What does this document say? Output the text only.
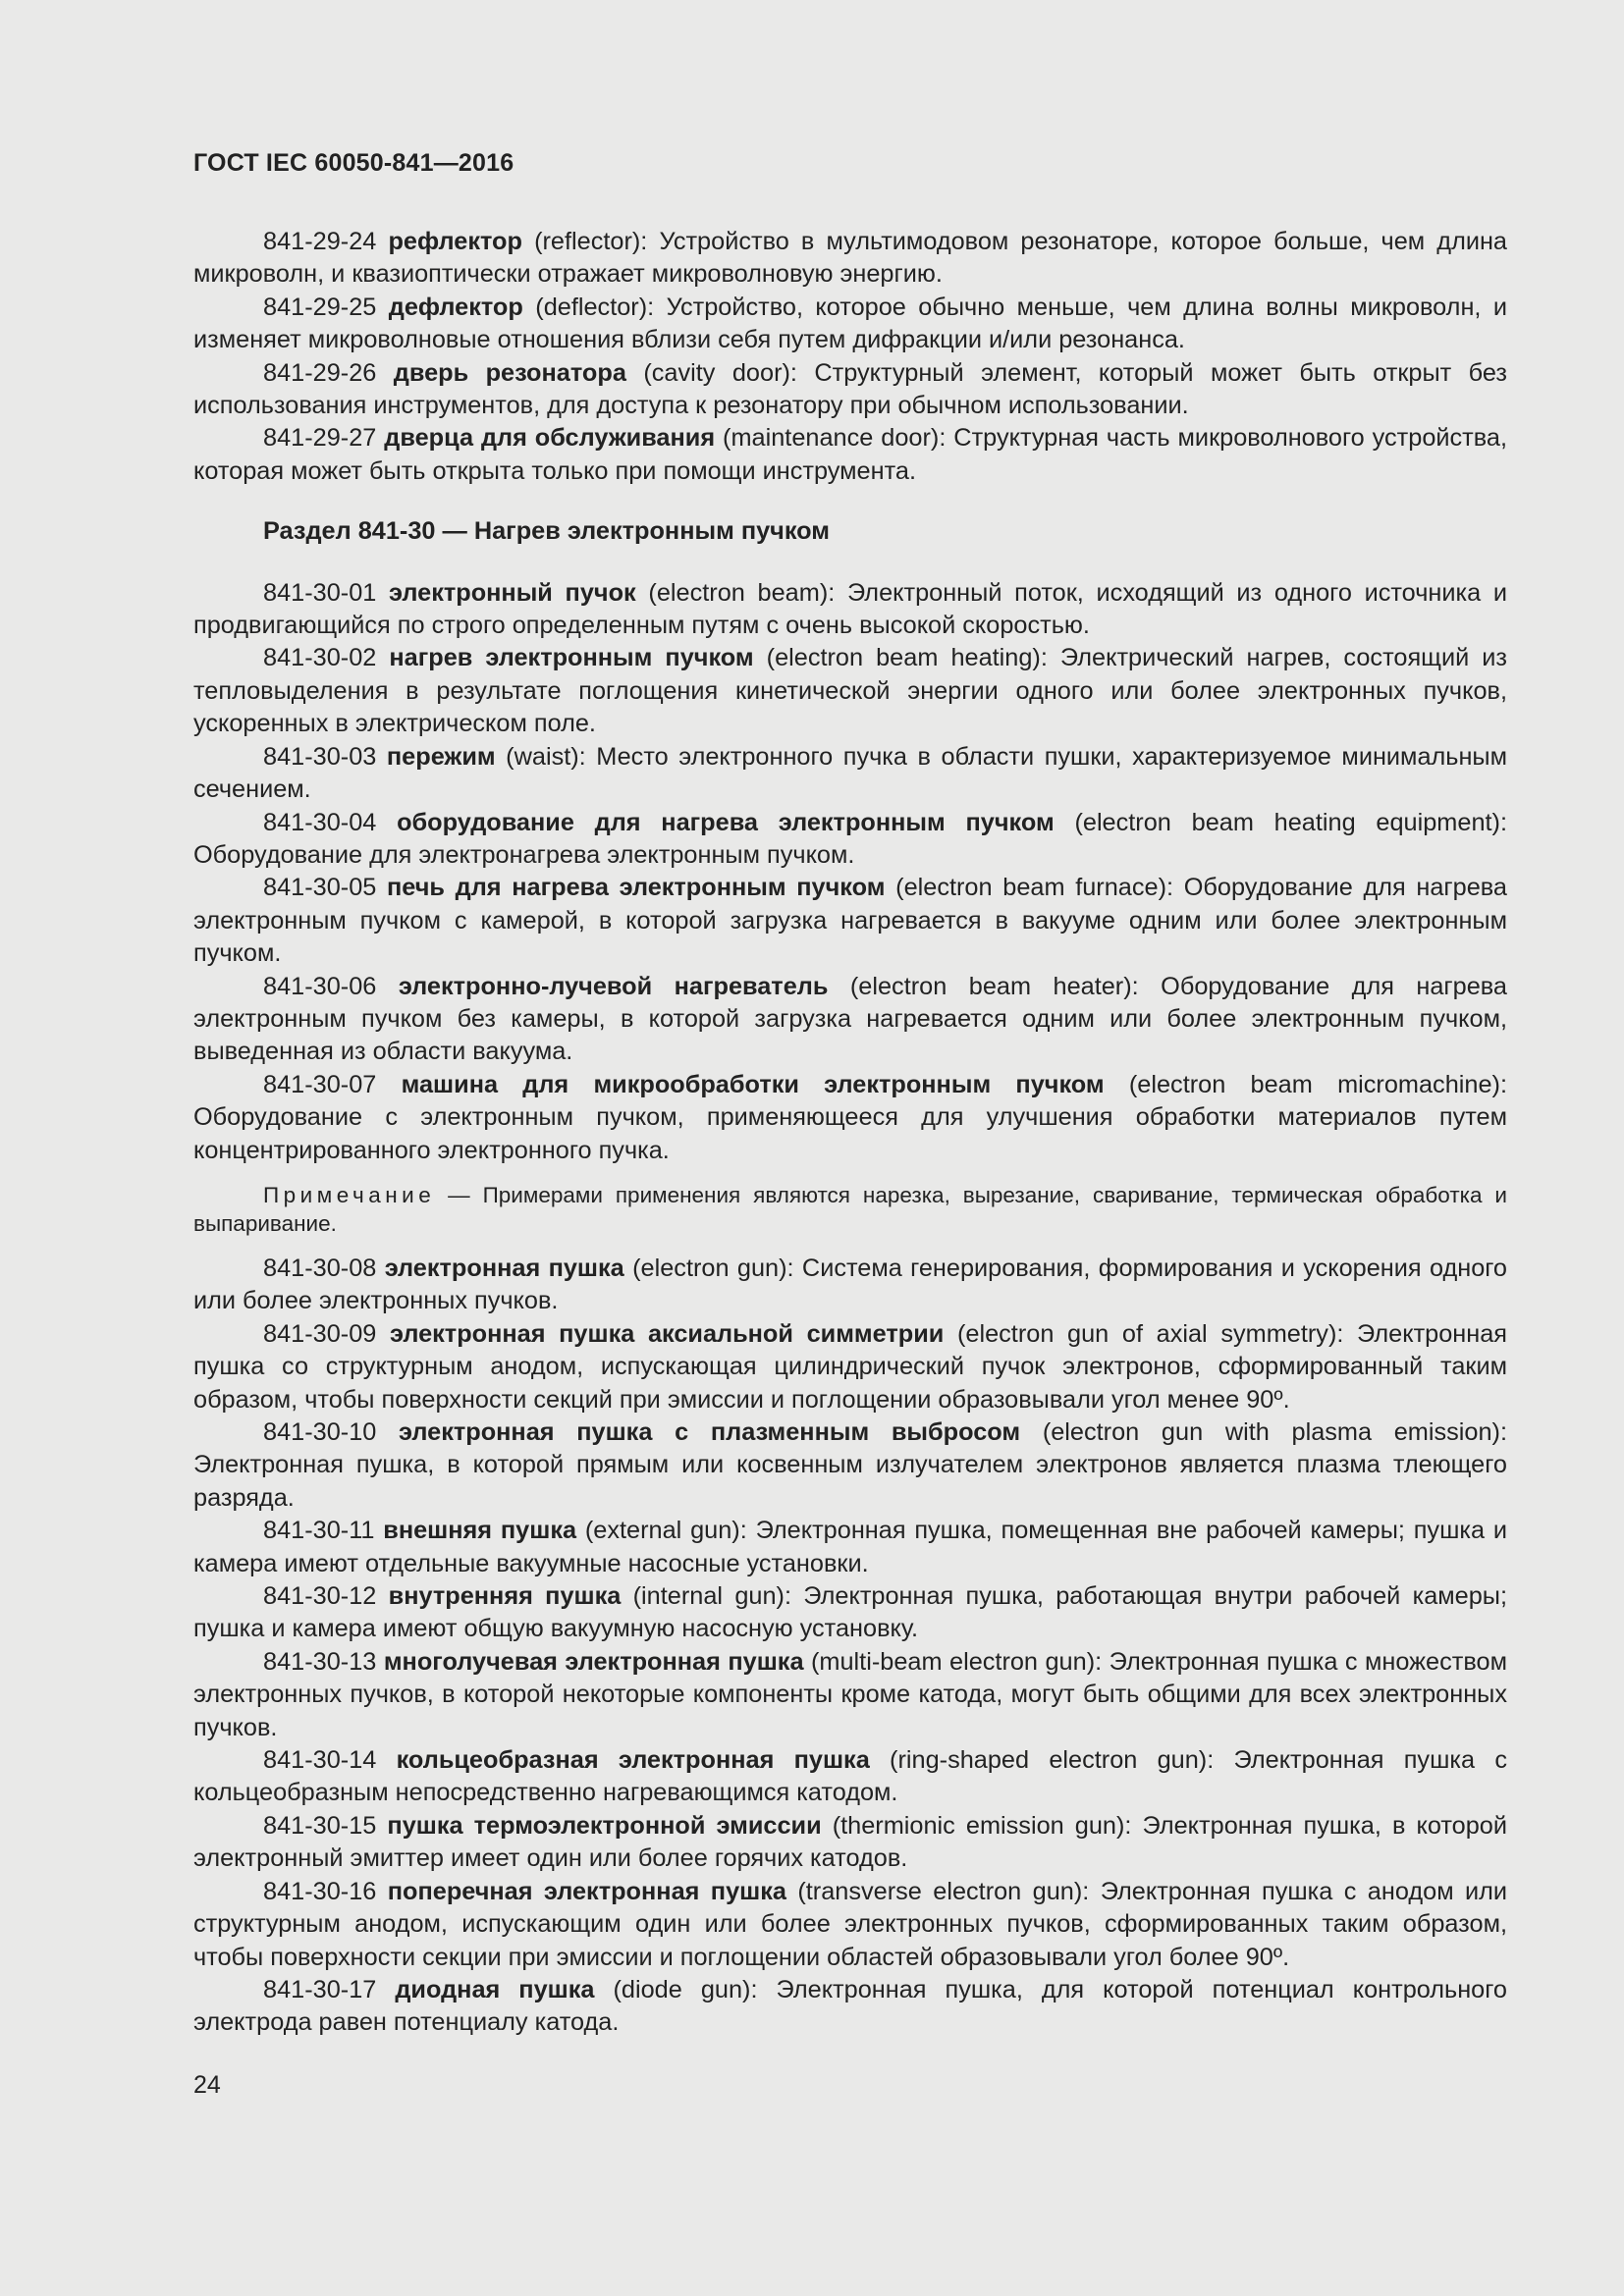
ГОСТ IEC 60050-841—2016

841-29-24 рефлектор (reflector): Устройство в мультимодовом резонаторе, которое больше, чем длина микроволн, и квазиоптически отражает микроволновую энергию.

841-29-25 дефлектор (deflector): Устройство, которое обычно меньше, чем длина волны микроволн, и изменяет микроволновые отношения вблизи себя путем дифракции и/или резонанса.

841-29-26 дверь резонатора (cavity door): Структурный элемент, который может быть открыт без использования инструментов, для доступа к резонатору при обычном использовании.

841-29-27 дверца для обслуживания (maintenance door): Структурная часть микроволнового устройства, которая может быть открыта только при помощи инструмента.

Раздел 841-30 — Нагрев электронным пучком

841-30-01 электронный пучок (electron beam): Электронный поток, исходящий из одного источника и продвигающийся по строго определенным путям с очень высокой скоростью.

841-30-02 нагрев электронным пучком (electron beam heating): Электрический нагрев, состоящий из тепловыделения в результате поглощения кинетической энергии одного или более электронных пучков, ускоренных в электрическом поле.

841-30-03 пережим (waist): Место электронного пучка в области пушки, характеризуемое минимальным сечением.

841-30-04 оборудование для нагрева электронным пучком (electron beam heating equipment): Оборудование для электронагрева электронным пучком.

841-30-05 печь для нагрева электронным пучком (electron beam furnace): Оборудование для нагрева электронным пучком с камерой, в которой загрузка нагревается в вакууме одним или более электронным пучком.

841-30-06 электронно-лучевой нагреватель (electron beam heater): Оборудование для нагрева электронным пучком без камеры, в которой загрузка нагревается одним или более электронным пучком, выведенная из области вакуума.

841-30-07 машина для микрообработки электронным пучком (electron beam micromachine): Оборудование с электронным пучком, применяющееся для улучшения обработки материалов путем концентрированного электронного пучка.

Примечание — Примерами применения являются нарезка, вырезание, сваривание, термическая обработка и выпаривание.

841-30-08 электронная пушка (electron gun): Система генерирования, формирования и ускорения одного или более электронных пучков.

841-30-09 электронная пушка аксиальной симметрии (electron gun of axial symmetry): Электронная пушка со структурным анодом, испускающая цилиндрический пучок электронов, сформированный таким образом, чтобы поверхности секций при эмиссии и поглощении образовывали угол менее 90º.

841-30-10 электронная пушка с плазменным выбросом (electron gun with plasma emission): Электронная пушка, в которой прямым или косвенным излучателем электронов является плазма тлеющего разряда.

841-30-11 внешняя пушка (external gun): Электронная пушка, помещенная вне рабочей камеры; пушка и камера имеют отдельные вакуумные насосные установки.

841-30-12 внутренняя пушка (internal gun): Электронная пушка, работающая внутри рабочей камеры; пушка и камера имеют общую вакуумную насосную установку.

841-30-13 многолучевая электронная пушка (multi-beam electron gun): Электронная пушка с множеством электронных пучков, в которой некоторые компоненты кроме катода, могут быть общими для всех электронных пучков.

841-30-14 кольцеобразная электронная пушка (ring-shaped electron gun): Электронная пушка с кольцеобразным непосредственно нагревающимся катодом.

841-30-15 пушка термоэлектронной эмиссии (thermionic emission gun): Электронная пушка, в которой электронный эмиттер имеет один или более горячих катодов.

841-30-16 поперечная электронная пушка (transverse electron gun): Электронная пушка с анодом или структурным анодом, испускающим один или более электронных пучков, сформированных таким образом, чтобы поверхности секции при эмиссии и поглощении областей образовывали угол более 90º.

841-30-17 диодная пушка (diode gun): Электронная пушка, для которой потенциал контрольного электрода равен потенциалу катода.

24
